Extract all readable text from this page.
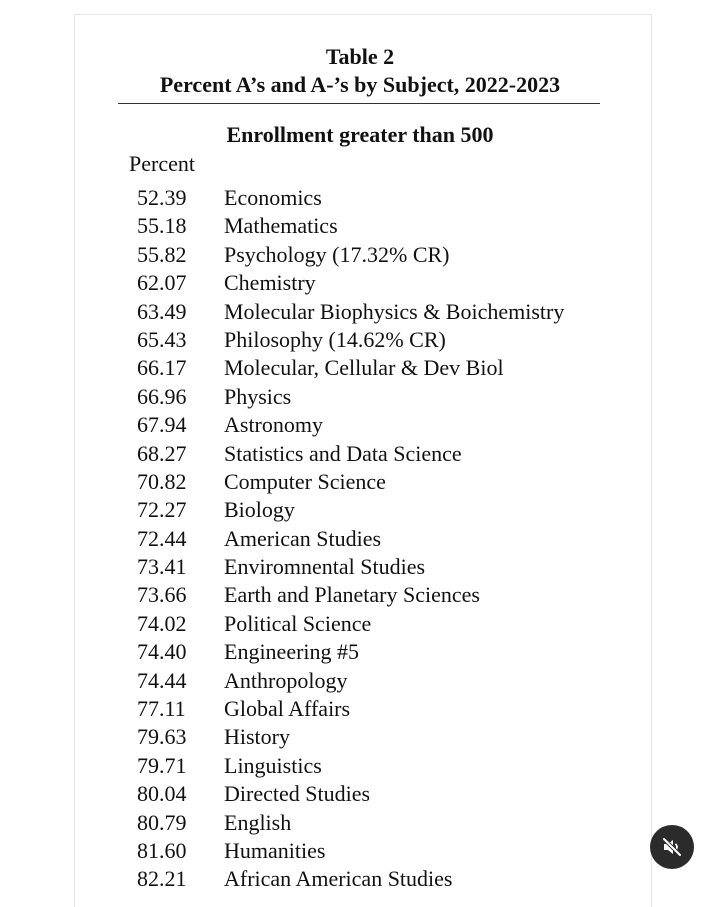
Table 2
Percent A’s and A-’s by Subject, 2022-2023
Enrollment greater than 500
Percent
52.39 Economics
55.18 Mathematics
55.82 Psychology (17.32% CR)
62.07 Chemistry
63.49 Molecular Biophysics & Boichemistry
65.43 Philosophy (14.62% CR)
66.17 Molecular, Cellular & Dev Biol
66.96 Physics
67.94 Astronomy
68.27 Statistics and Data Science
70.82 Computer Science
72.27 Biology
72.44 American Studies
73.41 Enviromnental Studies
73.66 Earth and Planetary Sciences
74.02 Political Science
74.40 Engineering #5
74.44 Anthropology
77.11	Global Affairs
79.63 History
79.71 Linguistics
80.04 Directed Studies
80.79 English
81.60 Humanities
82.21 African American Studies
